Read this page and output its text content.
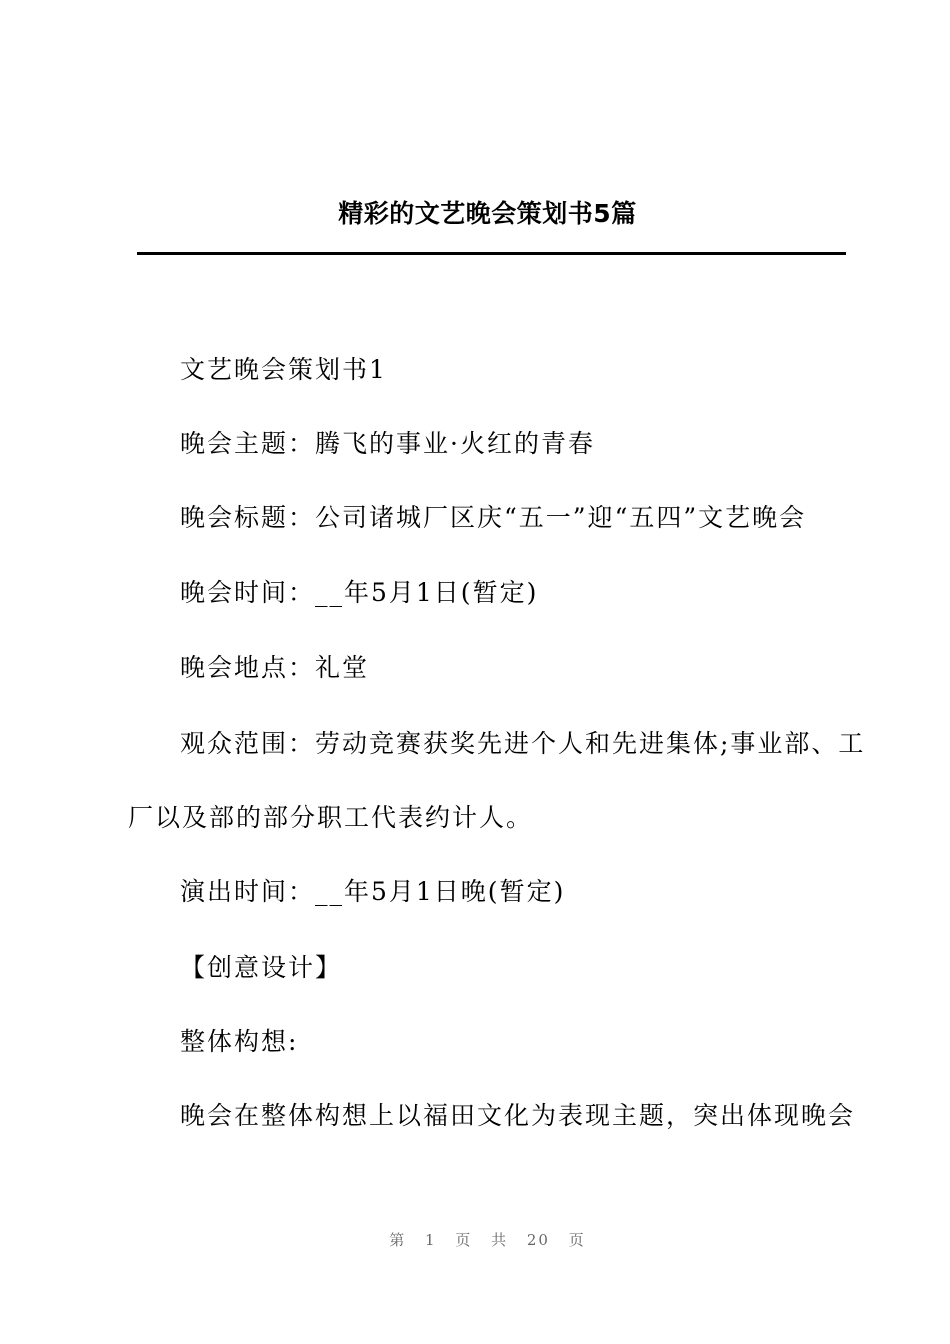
精彩的文艺晚会策划书5篇
文艺晚会策划书1
晚会主题：腾飞的事业·火红的青春
晚会标题：公司诸城厂区庆“五一”迎“五四”文艺晚会
晚会时间：__年5月1日(暂定)
晚会地点：礼堂
观众范围：劳动竞赛获奖先进个人和先进集体;事业部、工
厂以及部的部分职工代表约计人。
演出时间：__年5月1日晚(暂定)
【创意设计】
整体构想:
晚会在整体构想上以福田文化为表现主题，突出体现晚会
第 1 页 共 20 页
